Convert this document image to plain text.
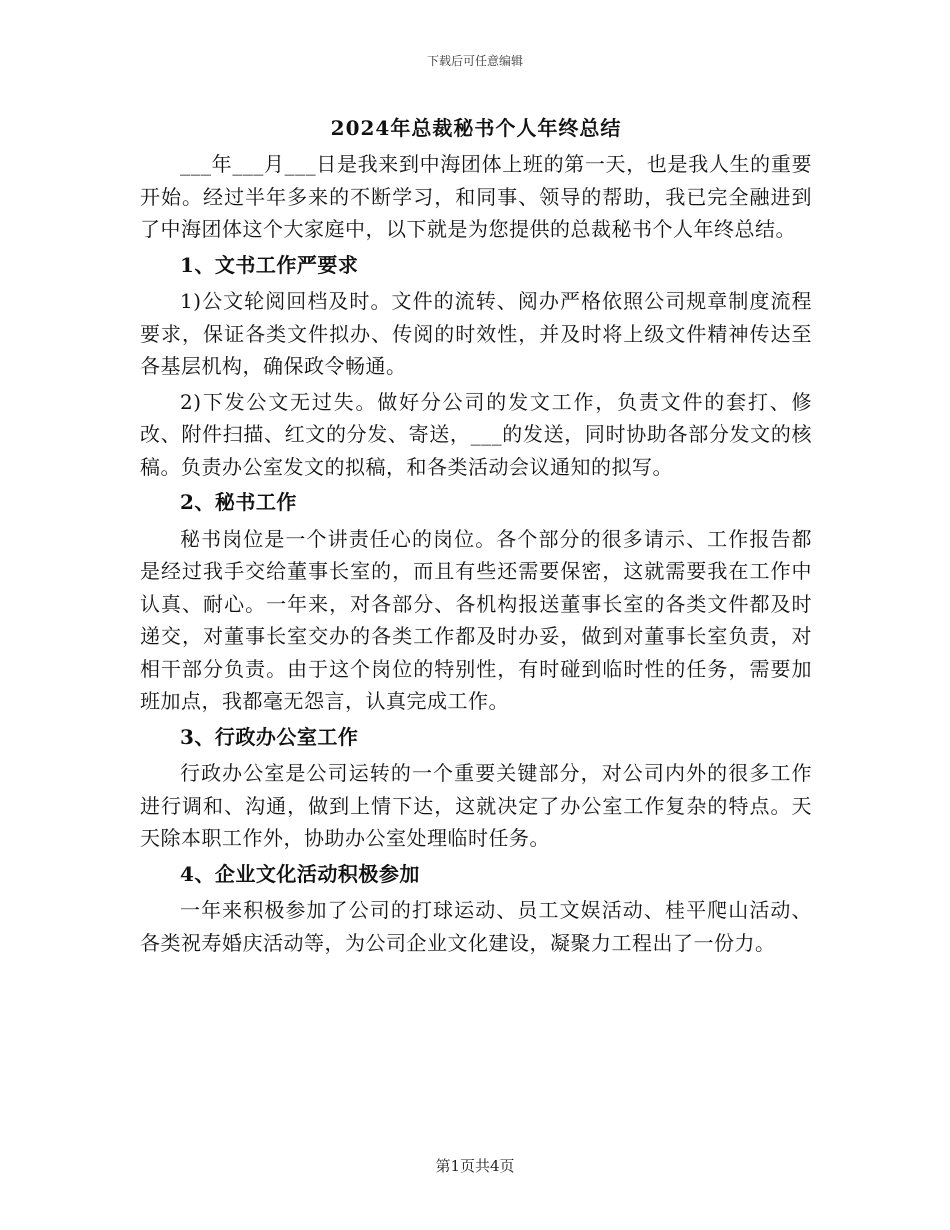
下载后可任意编辑
2024年总裁秘书个人年终总结

___年___月___日是我来到中海团体上班的第一天，也是我人生的重要开始。经过半年多来的不断学习，和同事、领导的帮助，我已完全融进到了中海团体这个大家庭中，以下就是为您提供的总裁秘书个人年终总结。

1、文书工作严要求

1)公文轮阅回档及时。文件的流转、阅办严格依照公司规章制度流程要求，保证各类文件拟办、传阅的时效性，并及时将上级文件精神传达至各基层机构，确保政令畅通。

2)下发公文无过失。做好分公司的发文工作，负责文件的套打、修改、附件扫描、红文的分发、寄送，___的发送，同时协助各部分发文的核稿。负责办公室发文的拟稿，和各类活动会议通知的拟写。

2、秘书工作

秘书岗位是一个讲责任心的岗位。各个部分的很多请示、工作报告都是经过我手交给董事长室的，而且有些还需要保密，这就需要我在工作中认真、耐心。一年来，对各部分、各机构报送董事长室的各类文件都及时递交，对董事长室交办的各类工作都及时办妥，做到对董事长室负责，对相干部分负责。由于这个岗位的特别性，有时碰到临时性的任务，需要加班加点，我都毫无怨言，认真完成工作。

3、行政办公室工作

行政办公室是公司运转的一个重要关键部分，对公司内外的很多工作进行调和、沟通，做到上情下达，这就决定了办公室工作复杂的特点。天天除本职工作外，协助办公室处理临时任务。

4、企业文化活动积极参加

一年来积极参加了公司的打球运动、员工文娱活动、桂平爬山活动、各类祝寿婚庆活动等，为公司企业文化建设，凝聚力工程出了一份力。

第1页共4页
